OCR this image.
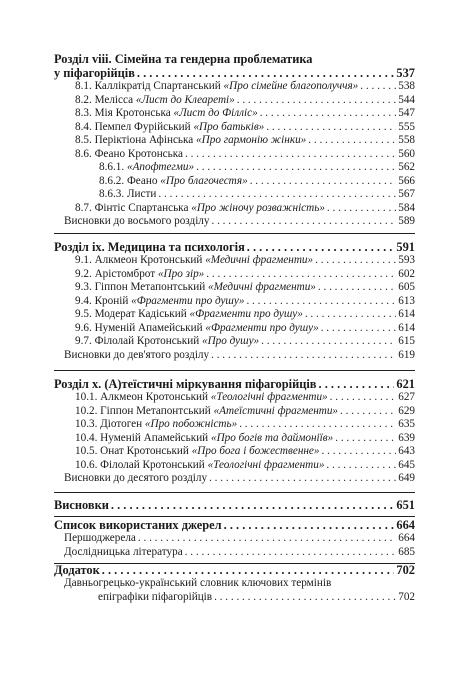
Розділ viii. Сімейна та гендерна проблематика
у піфагорійців . . .	537
8.1. Каллікратід Спартанський «Про сімейне благополуччя» . . .	538
8.2. Мелісса «Лист до Клеареті» . . .	544
8.3. Мія Кротонська «Лист до Філліс» . . .	547
8.4. Пемпел Фурійський «Про батьків» . . .	555
8.5. Періктіона Афінська «Про гармонію жінки» . . .	558
8.6. Феано Кротонська . . .	560
8.6.1. «Апофтегми» . . .	562
8.6.2. Феано «Про благочестя» . . .	566
8.6.3. Листи . . .	567
8.7. Фінтіс Спартанська «Про жіночу розважність» . . .	584
Висновки до восьмого розділу . . .	589
Розділ ix. Медицина та психологія . . .	591
9.1. Алкмеон Кротонський «Медичні фрагменти» . . .	593
9.2. Арістомброт «Про зір» . . .	602
9.3. Гіппон Метапонтський «Медичні фрагменти» . . .	605
9.4. Кроній «Фрагменти про душу» . . .	613
9.5. Модерат Кадіський «Фрагменти про душу» . . .	614
9.6. Нуменій Апамейський «Фрагменти про душу» . . .	614
9.7. Філолай Кротонський «Про душу» . . .	615
Висновки до дев'ятого розділу . . .	619
Розділ x. (А)теїстичні міркування піфагорійців . . .	621
10.1. Алкмеон Кротонський «Теологічні фрагменти» . . .	627
10.2. Гіппон Метапонтський «Атеїстичні фрагменти» . . .	629
10.3. Діотоген «Про побожність» . . .	635
10.4. Нуменій Апамейський «Про богів та даймоніїв» . . .	639
10.5. Онат Кротонський «Про бога і божественне» . . .	643
10.6. Філолай Кротонський «Теологічні фрагменти» . . .	645
Висновки до десятого розділу . . .	649
Висновки . . .	651
Список використаних джерел . . .	664
Першоджерела . . .	664
Дослідницька література . . .	685
Додаток . . .	702
Давньогрецько-український словник ключових термінів
епіграфіки піфагорійців . . .	702
